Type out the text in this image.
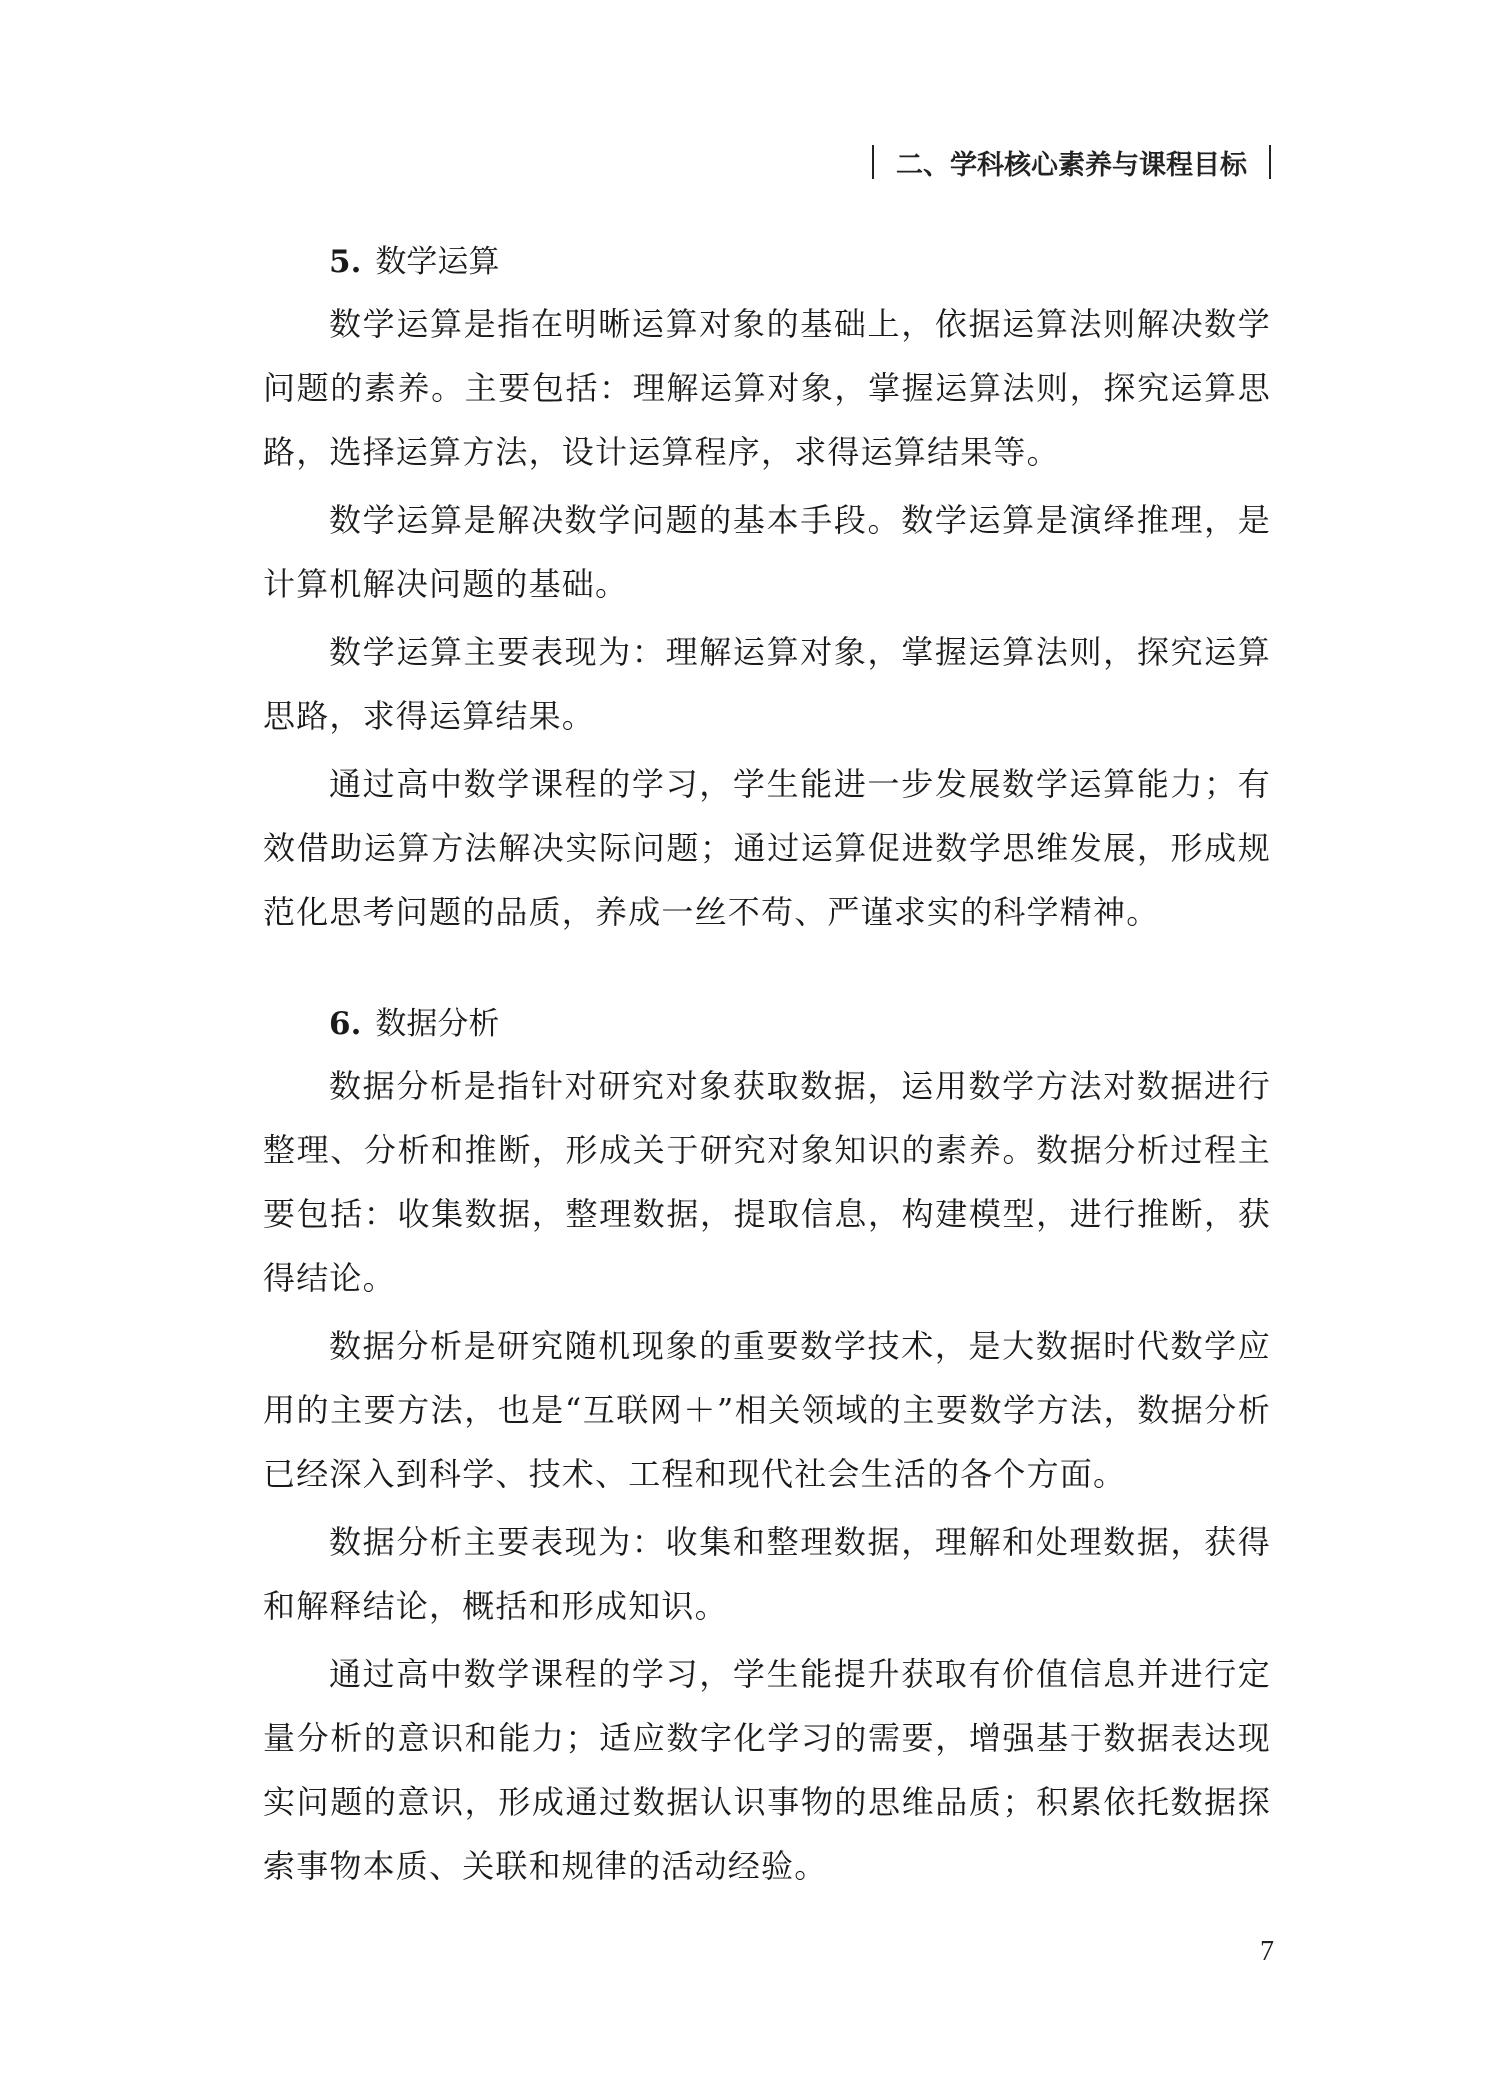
二、学科核心素养与课程目标
5. 数学运算

数学运算是指在明晰运算对象的基础上，依据运算法则解决数学问题的素养。主要包括：理解运算对象，掌握运算法则，探究运算思路，选择运算方法，设计运算程序，求得运算结果等。

数学运算是解决数学问题的基本手段。数学运算是演绎推理，是计算机解决问题的基础。

数学运算主要表现为：理解运算对象，掌握运算法则，探究运算思路，求得运算结果。

通过高中数学课程的学习，学生能进一步发展数学运算能力；有效借助运算方法解决实际问题；通过运算促进数学思维发展，形成规范化思考问题的品质，养成一丝不苟、严谨求实的科学精神。

6. 数据分析

数据分析是指针对研究对象获取数据，运用数学方法对数据进行整理、分析和推断，形成关于研究对象知识的素养。数据分析过程主要包括：收集数据，整理数据，提取信息，构建模型，进行推断，获得结论。

数据分析是研究随机现象的重要数学技术，是大数据时代数学应用的主要方法，也是“互联网＋”相关领域的主要数学方法，数据分析已经深入到科学、技术、工程和现代社会生活的各个方面。

数据分析主要表现为：收集和整理数据，理解和处理数据，获得和解释结论，概括和形成知识。

通过高中数学课程的学习，学生能提升获取有价值信息并进行定量分析的意识和能力；适应数字化学习的需要，增强基于数据表达现实问题的意识，形成通过数据认识事物的思维品质；积累依托数据探索事物本质、关联和规律的活动经验。

7
